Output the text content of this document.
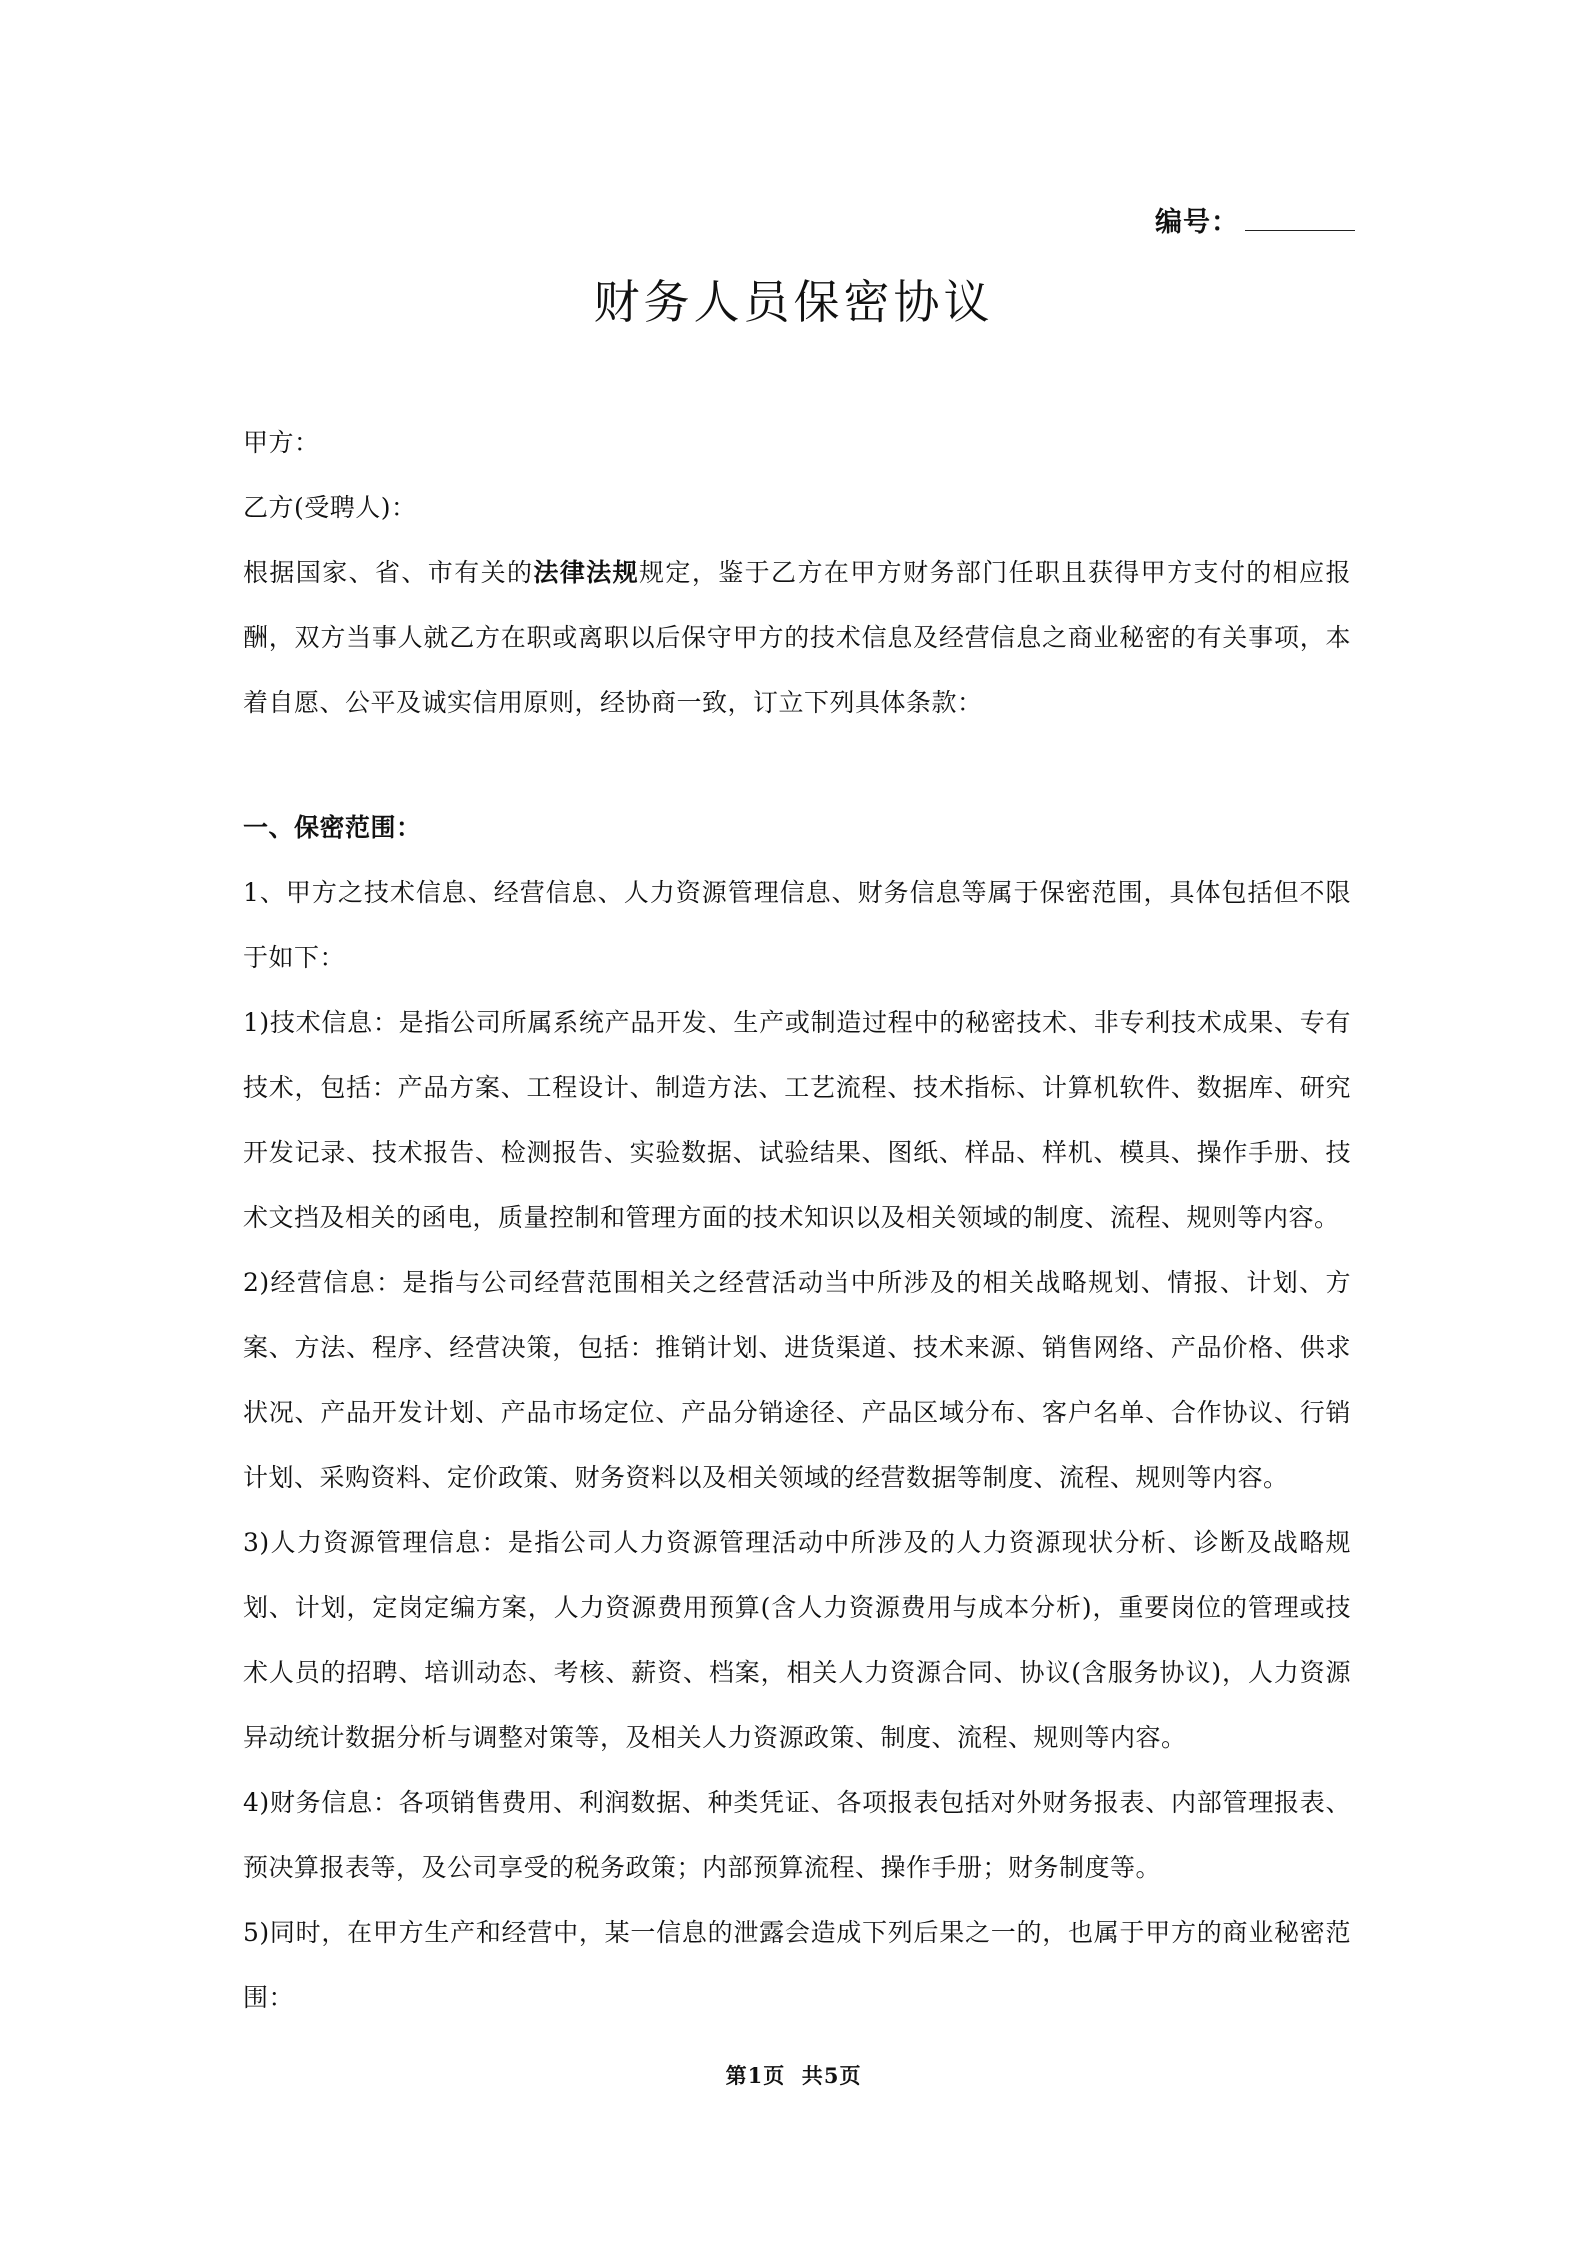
编号：
财务人员保密协议

甲方：

乙方(受聘人)：

根据国家、省、市有关的法律法规规定，鉴于乙方在甲方财务部门任职且获得甲方支付的相应报酬，双方当事人就乙方在职或离职以后保守甲方的技术信息及经营信息之商业秘密的有关事项，本着自愿、公平及诚实信用原则，经协商一致，订立下列具体条款：

一、保密范围：

1、甲方之技术信息、经营信息、人力资源管理信息、财务信息等属于保密范围，具体包括但不限于如下：

1)技术信息：是指公司所属系统产品开发、生产或制造过程中的秘密技术、非专利技术成果、专有技术，包括：产品方案、工程设计、制造方法、工艺流程、技术指标、计算机软件、数据库、研究开发记录、技术报告、检测报告、实验数据、试验结果、图纸、样品、样机、模具、操作手册、技术文挡及相关的函电，质量控制和管理方面的技术知识以及相关领域的制度、流程、规则等内容。

2)经营信息：是指与公司经营范围相关之经营活动当中所涉及的相关战略规划、情报、计划、方案、方法、程序、经营决策，包括：推销计划、进货渠道、技术来源、销售网络、产品价格、供求状况、产品开发计划、产品市场定位、产品分销途径、产品区域分布、客户名单、合作协议、行销计划、采购资料、定价政策、财务资料以及相关领域的经营数据等制度、流程、规则等内容。

3)人力资源管理信息：是指公司人力资源管理活动中所涉及的人力资源现状分析、诊断及战略规划、计划，定岗定编方案，人力资源费用预算(含人力资源费用与成本分析)，重要岗位的管理或技术人员的招聘、培训动态、考核、薪资、档案，相关人力资源合同、协议(含服务协议)，人力资源异动统计数据分析与调整对策等，及相关人力资源政策、制度、流程、规则等内容。

4)财务信息：各项销售费用、利润数据、种类凭证、各项报表包括对外财务报表、内部管理报表、预决算报表等，及公司享受的税务政策；内部预算流程、操作手册；财务制度等。

5)同时，在甲方生产和经营中，某一信息的泄露会造成下列后果之一的，也属于甲方的商业秘密范围：

第1页  共5页
